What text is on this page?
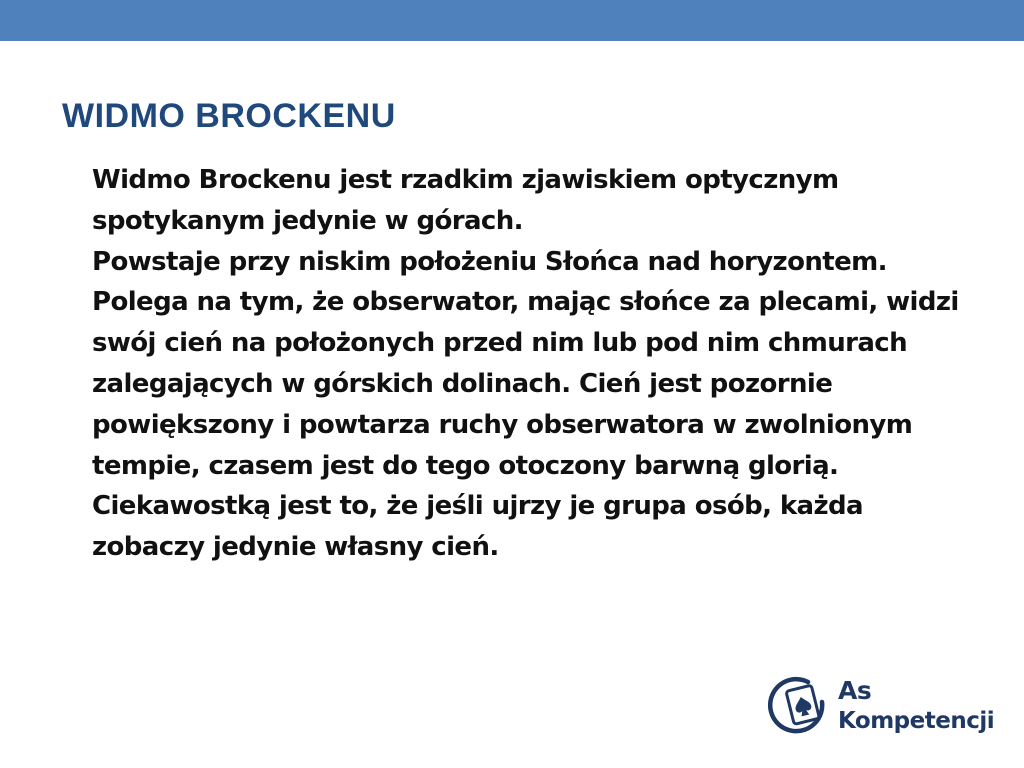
WIDMO BROCKENU

Widmo Brockenu jest rzadkim zjawiskiem optycznym spotykanym jedynie w górach.

Powstaje przy niskim położeniu Słońca nad horyzontem.

Polega na tym, że obserwator, mając słońce za plecami, widzi swój cień na położonych przed nim lub pod nim chmurach zalegających w górskich dolinach. Cień jest pozornie powiększony i powtarza ruchy obserwatora w zwolnionym tempie, czasem jest do tego otoczony barwną glorią. Ciekawostką jest to, że jeśli ujrzy je grupa osób, każda zobaczy jedynie własny cień.

As
Kompetencji
